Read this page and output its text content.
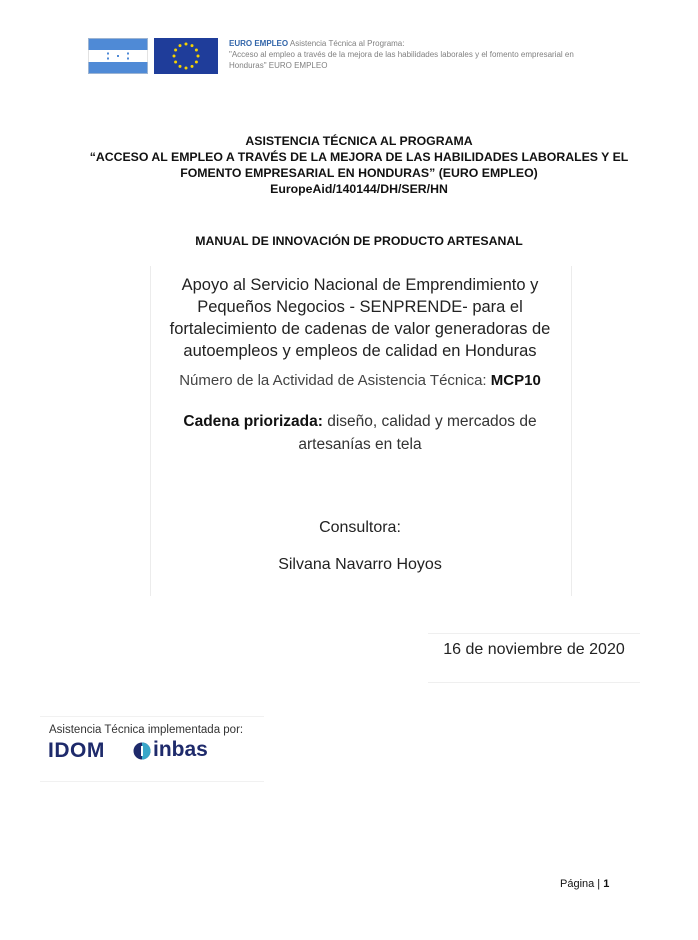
EURO EMPLEO Asistencia Técnica al Programa:
"Acceso al empleo a través de la mejora de las habilidades laborales y el fomento empresarial en
Honduras" EURO EMPLEO
ASISTENCIA TÉCNICA AL PROGRAMA
“ACCESO AL EMPLEO A TRAVÉS DE LA MEJORA DE LAS HABILIDADES LABORALES Y EL
FOMENTO EMPRESARIAL EN HONDURAS” (EURO EMPLEO)
EuropeAid/140144/DH/SER/HN
MANUAL DE INNOVACIÓN DE PRODUCTO ARTESANAL
Apoyo al Servicio Nacional de Emprendimiento y
Pequeños Negocios - SENPRENDE- para el
fortalecimiento de cadenas de valor generadoras de
autoempleos y empleos de calidad en Honduras
Número de la Actividad de Asistencia Técnica: MCP10
Cadena priorizada: diseño, calidad y mercados de
artesanías en tela
Consultora:
Silvana Navarro Hoyos
16 de noviembre de 2020
Asistencia Técnica implementada por:
IDOM inbas
Página | 1
